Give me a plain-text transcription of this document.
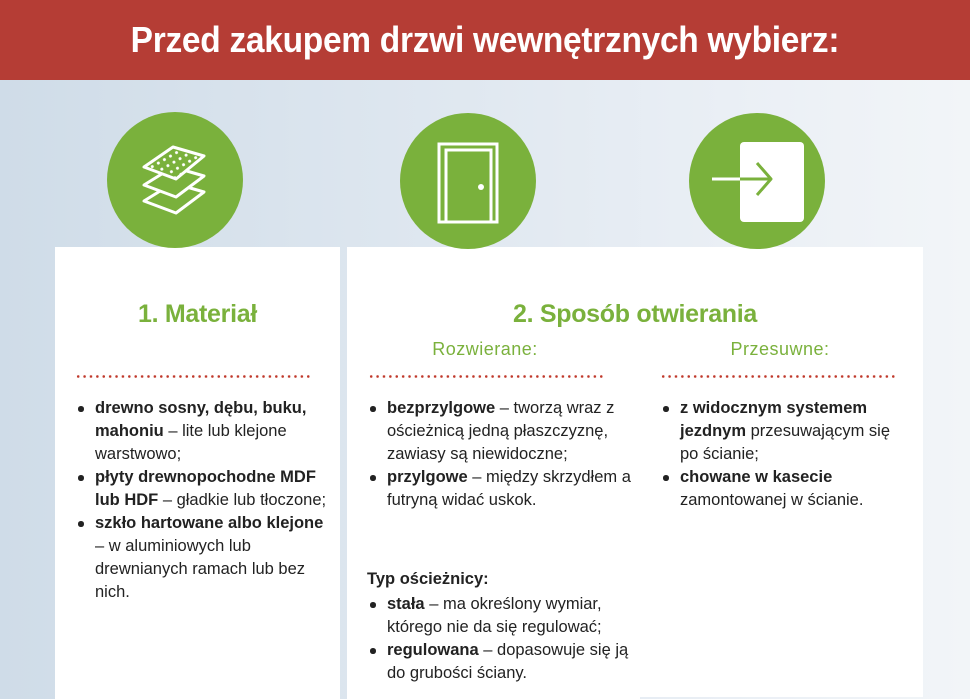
Przed zakupem drzwi wewnętrznych wybierz:
1. Materiał	2. Sposób otwierania
Rozwierane:	Przesuwne:
drewno sosny, dębu, buku, mahoniu – lite lub klejone warstwowo;
płyty drewnopochodne MDF lub HDF – gładkie lub tłoczone;
szkło hartowane albo klejone – w aluminiowych lub drewnianych ramach lub bez nich.
bezprzylgowe – tworzą wraz z ościeżnicą jedną płaszczyznę, zawiasy są niewidoczne;
przylgowe – między skrzydłem a futryną widać uskok.
Typ ościeżnicy:
stała – ma określony wymiar, którego nie da się regulować;
regulowana – dopasowuje się ją do grubości ściany.
z widocznym systemem jezdnym przesuwającym się po ścianie;
chowane w kasecie zamontowanej w ścianie.
